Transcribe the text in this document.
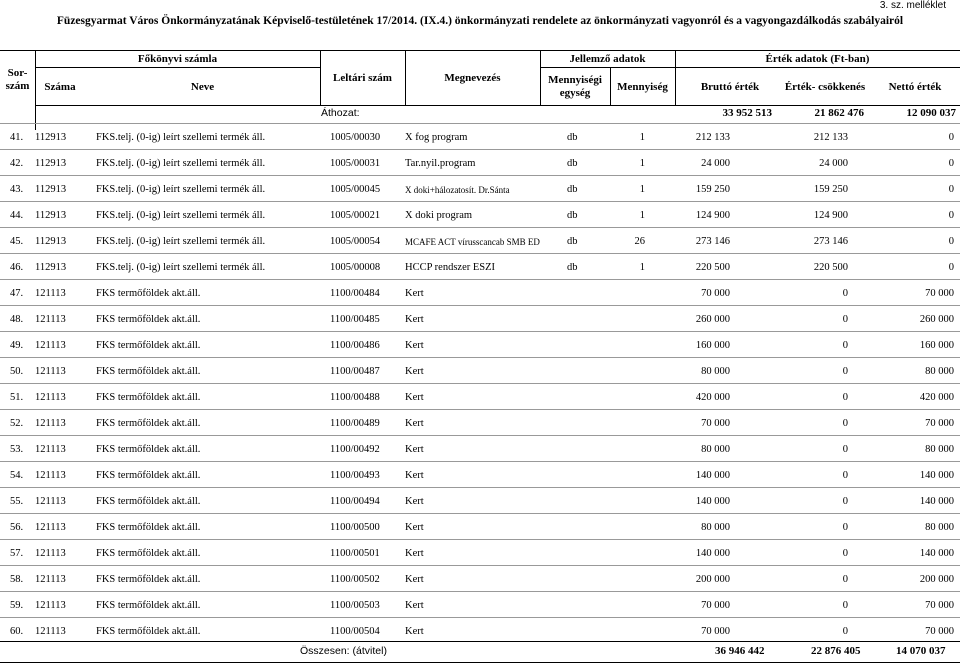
3. sz. melléklet
Füzesgyarmat Város Önkormányzatának Képviselő-testületének 17/2014. (IX.4.) önkormányzati rendelete az önkormányzati vagyonról és a vagyongazdálkodás szabályairól
Sor-szám
Főkönyvi számla
Száma	Neve
Leltári szám	Megnevezés
Jellemző adatok
Mennyiségi egység	Mennyiség
Érték adatok (Ft-ban)
Bruttó érték	Érték- csökkenés	Nettó érték
Áthozat:	33 952 513	21 862 476	12 090 037
41. 112913	FKS.telj. (0-ig) leírt szellemi termék áll.	1005/00030 X fog program	db	1	212 133	212 133	0
42. 112913	FKS.telj. (0-ig) leírt szellemi termék áll.	1005/00031 Tar.nyil.program	db	1	24 000	24 000	0
43. 112913	FKS.telj. (0-ig) leírt szellemi termék áll.	1005/00045	X doki+hálozatosít. Dr.Sánta	db	1	159 250	159 250	0
44. 112913	FKS.telj. (0-ig) leírt szellemi termék áll.	1005/00021 X doki program	db	1	124 900	124 900	0
45. 112913	FKS.telj. (0-ig) leírt szellemi termék áll.	1005/00054	MCAFE ACT vírusscancab SMB ED	db	26	273 146	273 146	0
46. 112913	FKS.telj. (0-ig) leírt szellemi termék áll.	1005/00008 HCCP rendszer ESZI	db	1	220 500	220 500	0
47. 121113	FKS termőföldek akt.áll.	1100/00484 Kert	70 000	0	70 000
48. 121113	FKS termőföldek akt.áll.	1100/00485 Kert	260 000	0	260 000
49. 121113	FKS termőföldek akt.áll.	1100/00486 Kert	160 000	0	160 000
50. 121113	FKS termőföldek akt.áll.	1100/00487 Kert	80 000	0	80 000
51. 121113	FKS termőföldek akt.áll.	1100/00488 Kert	420 000	0	420 000
52. 121113	FKS termőföldek akt.áll.	1100/00489 Kert	70 000	0	70 000
53. 121113	FKS termőföldek akt.áll.	1100/00492 Kert	80 000	0	80 000
54. 121113	FKS termőföldek akt.áll.	1100/00493 Kert	140 000	0	140 000
55. 121113	FKS termőföldek akt.áll.	1100/00494 Kert	140 000	0	140 000
56. 121113	FKS termőföldek akt.áll.	1100/00500 Kert	80 000	0	80 000
57. 121113	FKS termőföldek akt.áll.	1100/00501 Kert	140 000	0	140 000
58. 121113	FKS termőföldek akt.áll.	1100/00502 Kert	200 000	0	200 000
59. 121113	FKS termőföldek akt.áll.	1100/00503 Kert	70 000	0	70 000
60. 121113	FKS termőföldek akt.áll.	1100/00504 Kert	70 000	0	70 000
Összesen: (átvitel)	36 946 442	22 876 405	14 070 037
